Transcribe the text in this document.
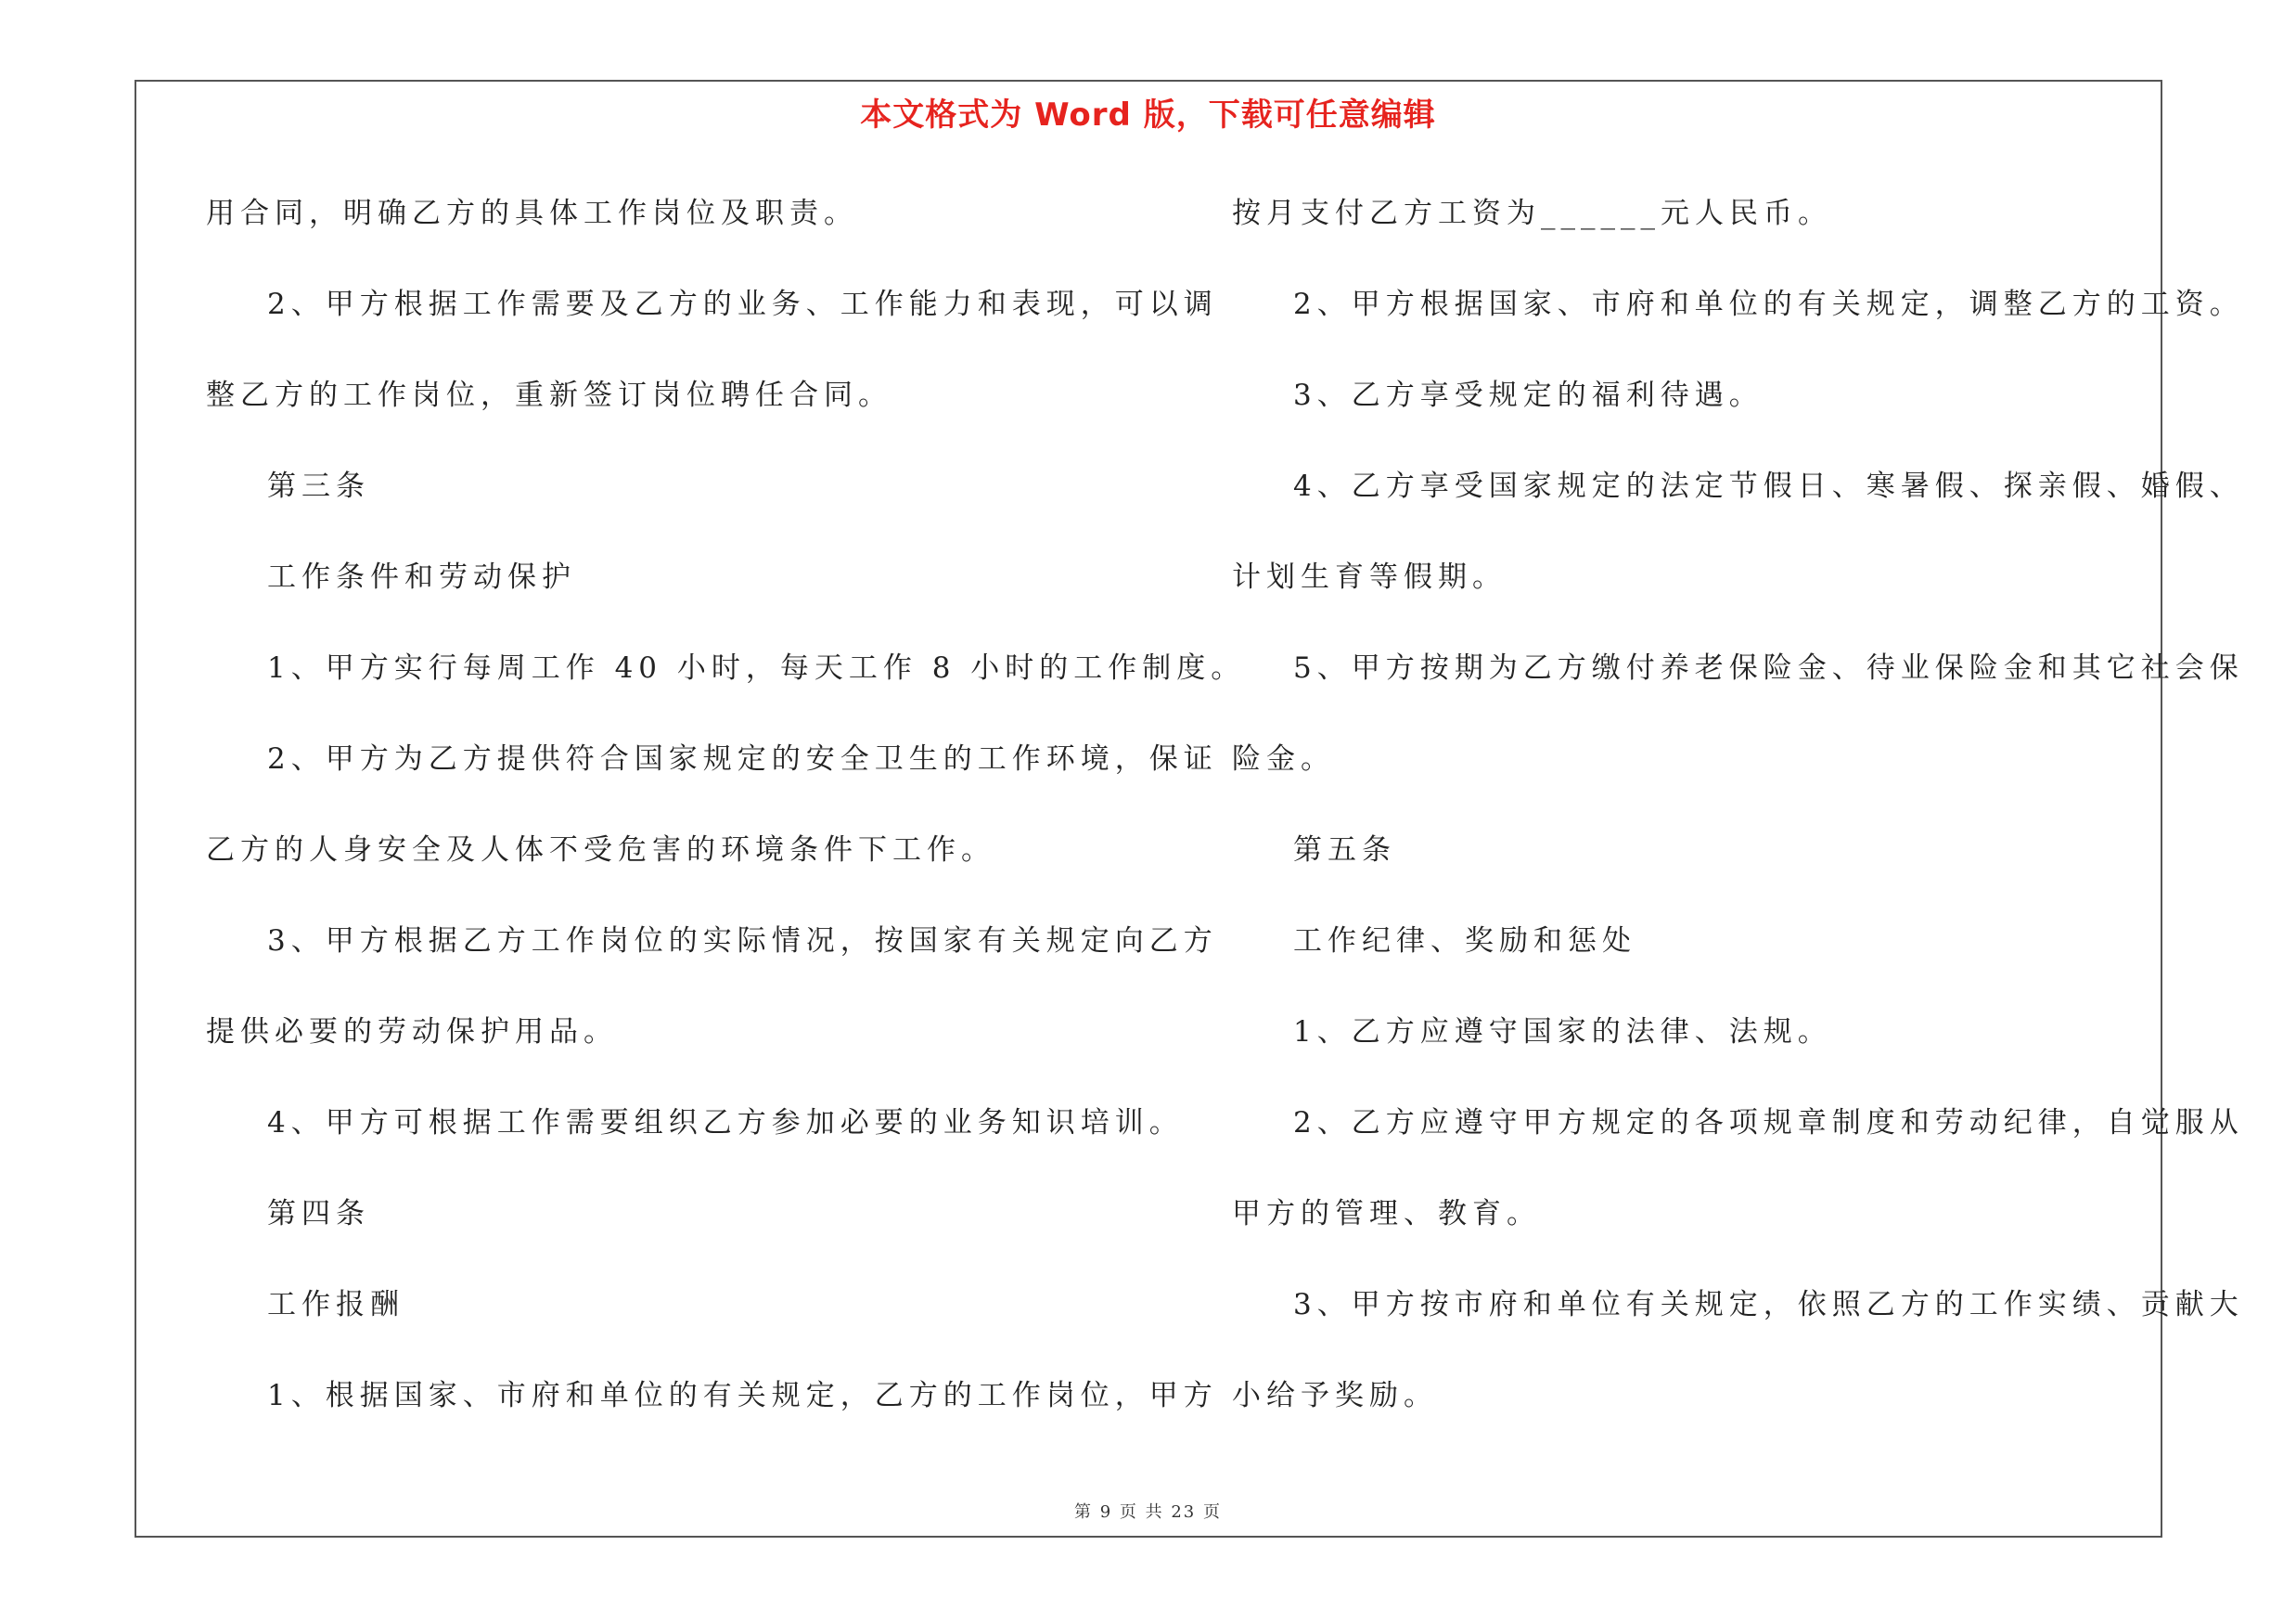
本文格式为 Word 版，下载可任意编辑
用合同，明确乙方的具体工作岗位及职责。
2、甲方根据工作需要及乙方的业务、工作能力和表现，可以调
整乙方的工作岗位，重新签订岗位聘任合同。
第三条
工作条件和劳动保护
1、甲方实行每周工作 40 小时，每天工作 8 小时的工作制度。
2、甲方为乙方提供符合国家规定的安全卫生的工作环境，保证
乙方的人身安全及人体不受危害的环境条件下工作。
3、甲方根据乙方工作岗位的实际情况，按国家有关规定向乙方
提供必要的劳动保护用品。
4、甲方可根据工作需要组织乙方参加必要的业务知识培训。
第四条
工作报酬
1、根据国家、市府和单位的有关规定，乙方的工作岗位，甲方
按月支付乙方工资为______元人民币。
2、甲方根据国家、市府和单位的有关规定，调整乙方的工资。
3、乙方享受规定的福利待遇。
4、乙方享受国家规定的法定节假日、寒暑假、探亲假、婚假、
计划生育等假期。
5、甲方按期为乙方缴付养老保险金、待业保险金和其它社会保
险金。
第五条
工作纪律、奖励和惩处
1、乙方应遵守国家的法律、法规。
2、乙方应遵守甲方规定的各项规章制度和劳动纪律，自觉服从
甲方的管理、教育。
3、甲方按市府和单位有关规定，依照乙方的工作实绩、贡献大
小给予奖励。
第 9 页 共 23 页
